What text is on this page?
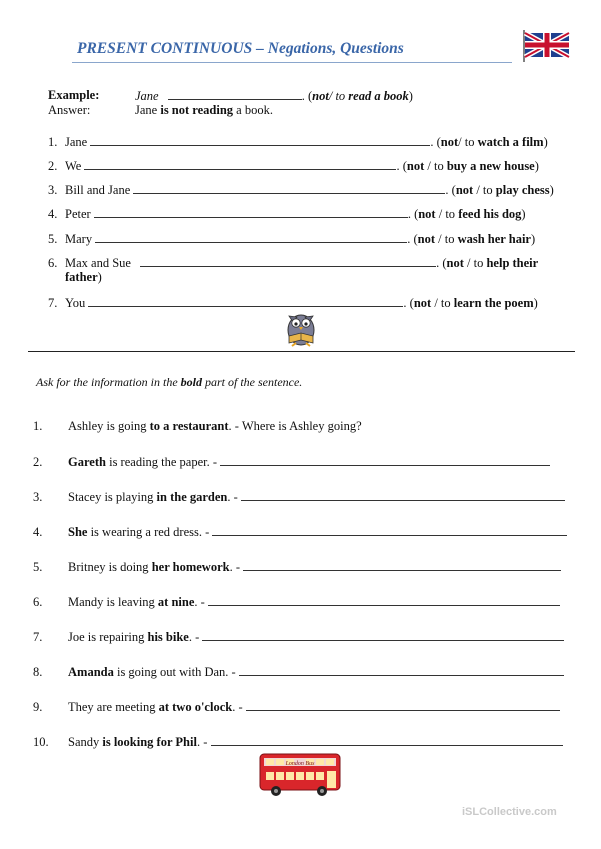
PRESENT CONTINUOUS – Negations, Questions
Example:	Jane	. (not/ to read a book)
Answer:	Jane is not reading a book.
1. Jane	. (not/ to watch a film)
2. We	. (not / to buy a new house)
3. Bill and Jane	. (not / to play chess)
4. Peter	. (not / to feed his dog)
5. Mary	. (not / to wash her hair)
6. Max and Sue	. (not / to help their
father)
7. You	. (not / to learn the poem)
Ask for the information in the bold part of the sentence.
1. Ashley is going to a restaurant. - Where is Ashley going?
2. Gareth is reading the paper. -
3. Stacey is playing in the garden. -
4. She is wearing a red dress. -
5. Britney is doing her homework. -
6. Mandy is leaving at nine. -
7. Joe is repairing his bike. -
8. Amanda is going out with Dan. -
9. They are meeting at two o'clock. -
10. Sandy is looking for Phil. -
London Bus
iSLCollective.com
